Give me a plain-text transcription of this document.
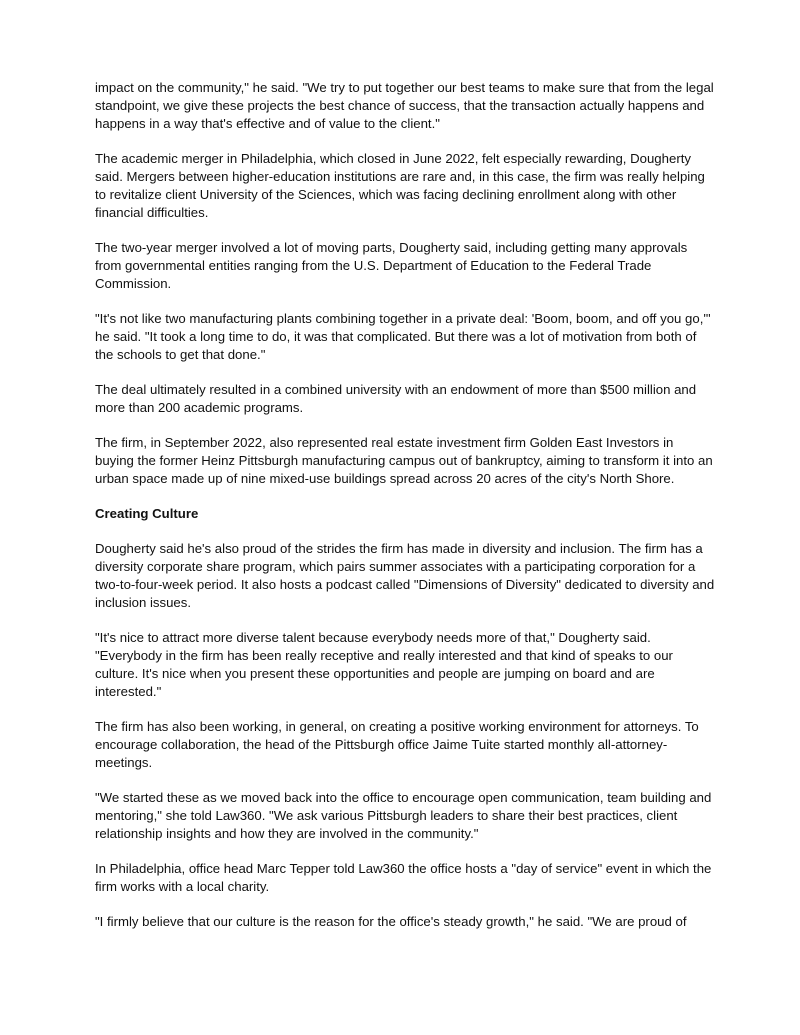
impact on the community," he said. "We try to put together our best teams to make sure that from the legal standpoint, we give these projects the best chance of success, that the transaction actually happens and happens in a way that's effective and of value to the client."

The academic merger in Philadelphia, which closed in June 2022, felt especially rewarding, Dougherty said. Mergers between higher-education institutions are rare and, in this case, the firm was really helping to revitalize client University of the Sciences, which was facing declining enrollment along with other financial difficulties.

The two-year merger involved a lot of moving parts, Dougherty said, including getting many approvals from governmental entities ranging from the U.S. Department of Education to the Federal Trade Commission.

"It's not like two manufacturing plants combining together in a private deal: 'Boom, boom, and off you go,'" he said. "It took a long time to do, it was that complicated. But there was a lot of motivation from both of the schools to get that done."

The deal ultimately resulted in a combined university with an endowment of more than $500 million and more than 200 academic programs.

The firm, in September 2022, also represented real estate investment firm Golden East Investors in buying the former Heinz Pittsburgh manufacturing campus out of bankruptcy, aiming to transform it into an urban space made up of nine mixed-use buildings spread across 20 acres of the city's North Shore.

Creating Culture

Dougherty said he's also proud of the strides the firm has made in diversity and inclusion. The firm has a diversity corporate share program, which pairs summer associates with a participating corporation for a two-to-four-week period. It also hosts a podcast called "Dimensions of Diversity" dedicated to diversity and inclusion issues.

"It's nice to attract more diverse talent because everybody needs more of that," Dougherty said. "Everybody in the firm has been really receptive and really interested and that kind of speaks to our culture. It's nice when you present these opportunities and people are jumping on board and are interested."

The firm has also been working, in general, on creating a positive working environment for attorneys. To encourage collaboration, the head of the Pittsburgh office Jaime Tuite started monthly all-attorney-meetings.

"We started these as we moved back into the office to encourage open communication, team building and mentoring," she told Law360. "We ask various Pittsburgh leaders to share their best practices, client relationship insights and how they are involved in the community."

In Philadelphia, office head Marc Tepper told Law360 the office hosts a "day of service" event in which the firm works with a local charity.

"I firmly believe that our culture is the reason for the office's steady growth," he said. "We are proud of
